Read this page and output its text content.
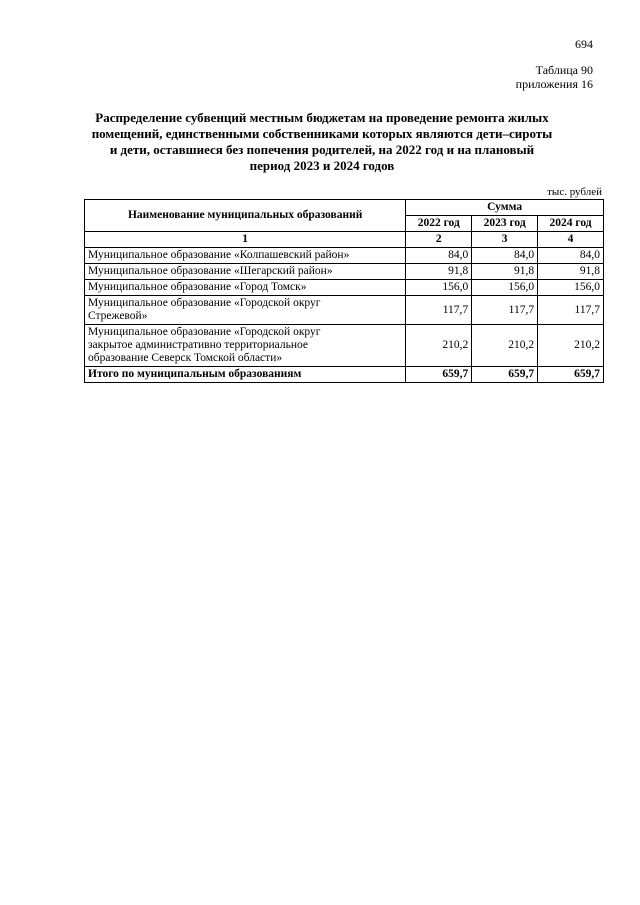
694
Таблица 90
приложения 16
Распределение субвенций местным бюджетам на проведение ремонта жилых
помещений, единственными собственниками которых являются дети–сироты
и дети, оставшиеся без попечения родителей, на 2022 год и на плановый
период 2023 и 2024 годов
тыс. рублей
Наименование муниципальных образований	Сумма		
	2022 год	2023 год	2024 год
1	2	3	4
Муниципальное образование «Колпашевский район»	84,0	84,0	84,0
Муниципальное образование «Шегарский район»	91,8	91,8	91,8
Муниципальное образование «Город Томск»	156,0	156,0	156,0

Муниципальное образование «Городской округ
Стрежевой»	117,7	117,7	117,7

Муниципальное образование «Городской округ
закрытое административно территориальное
образование Северск Томской области»	210,2	210,2	210,2
Итого по муниципальным образованиям	659,7	659,7	659,7
